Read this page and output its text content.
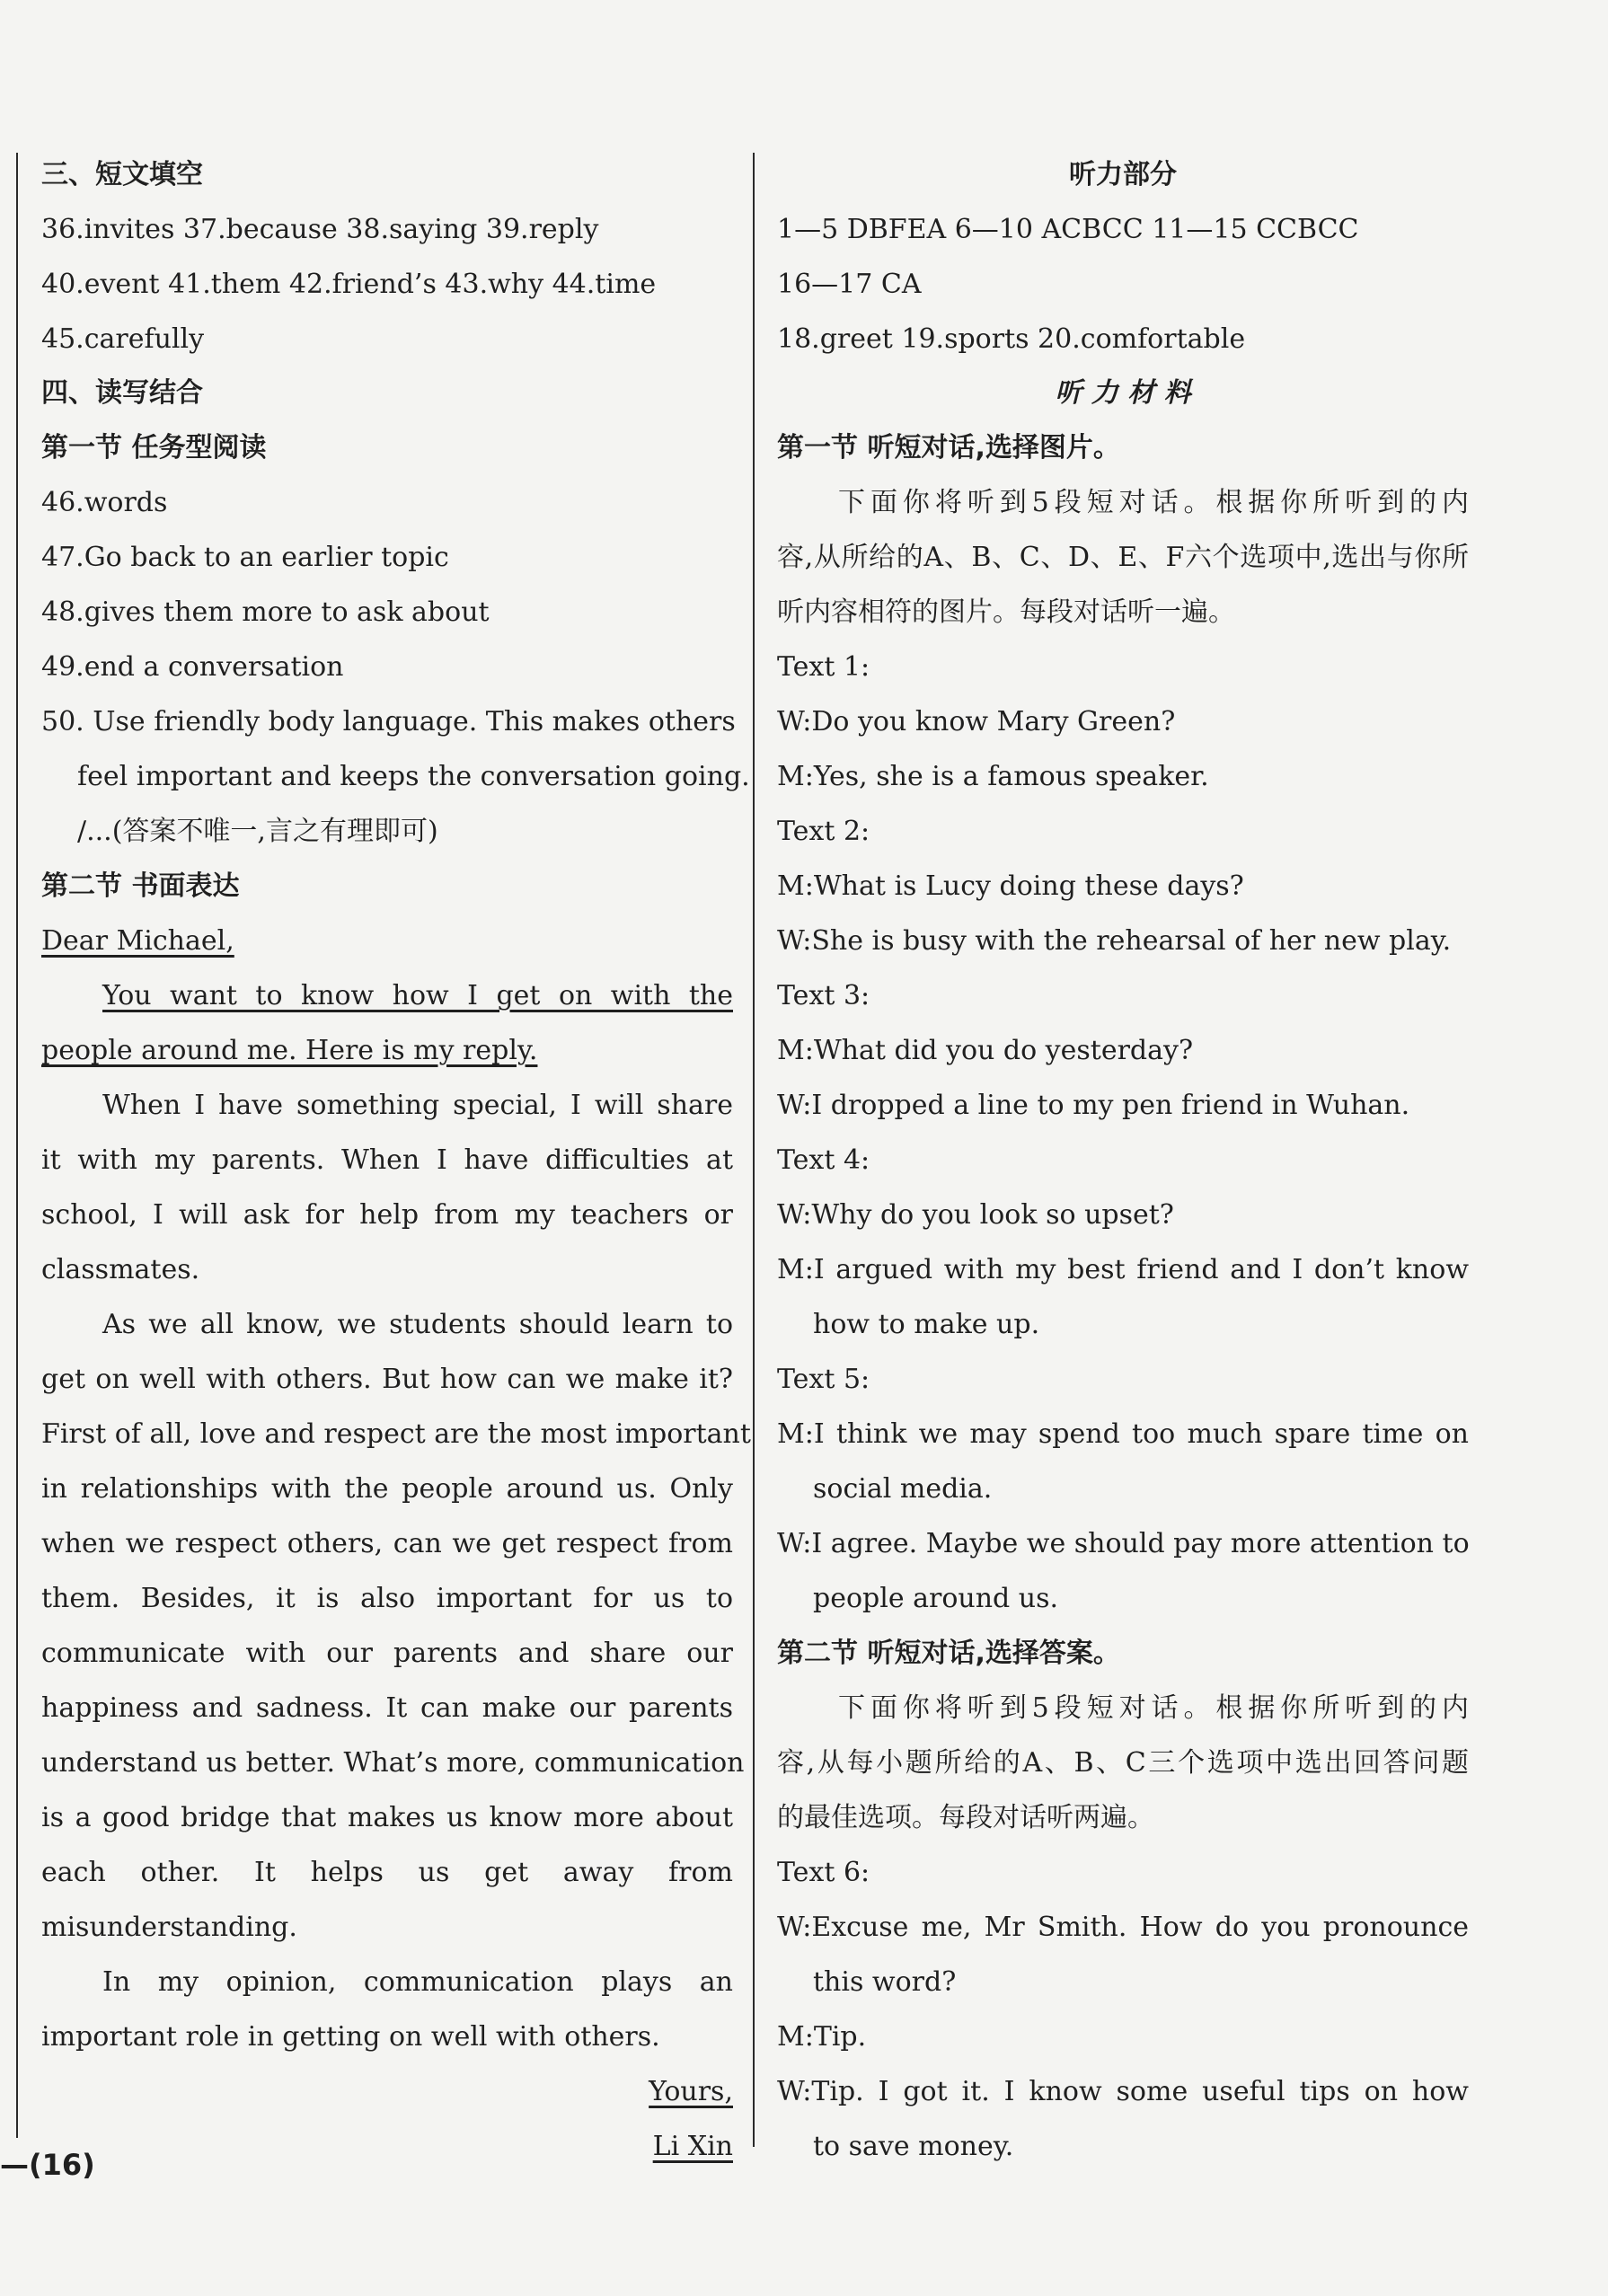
三、短文填空
36.invites 37.because 38.saying 39.reply
40.event 41.them 42.friend’s 43.why 44.time
45.carefully
四、读写结合
第一节 任务型阅读
46.words
47.Go back to an earlier topic
48.gives them more to ask about
49.end a conversation
50. Use friendly body language. This makes others
feel important and keeps the conversation going.
/...(答案不唯一,言之有理即可)
第二节 书面表达
Dear Michael,
You want to know how I get on with the
people around me. Here is my reply.
When I have something special, I will share
it with my parents. When I have difficulties at
school, I will ask for help from my teachers or
classmates.
As we all know, we students should learn to
get on well with others. But how can we make it?
First of all, love and respect are the most important
in relationships with the people around us. Only
when we respect others, can we get respect from
them. Besides, it is also important for us to
communicate with our parents and share our
happiness and sadness. It can make our parents
understand us better. What’s more, communication
is a good bridge that makes us know more about
each other. It helps us get away from
misunderstanding.
In my opinion, communication plays an
important role in getting on well with others.
Yours,
Li Xin
—(16)
听力部分
1—5 DBFEA 6—10 ACBCC 11—15 CCBCC
16—17 CA
18.greet 19.sports 20.comfortable
听 力 材 料
第一节 听短对话,选择图片。
下面你将听到5段短对话。根据你所听到的内
容,从所给的A、B、C、D、E、F六个选项中,选出与你所
听内容相符的图片。每段对话听一遍。
Text 1:
W:Do you know Mary Green?
M:Yes, she is a famous speaker.
Text 2:
M:What is Lucy doing these days?
W:She is busy with the rehearsal of her new play.
Text 3:
M:What did you do yesterday?
W:I dropped a line to my pen friend in Wuhan.
Text 4:
W:Why do you look so upset?
M:I argued with my best friend and I don’t know
how to make up.
Text 5:
M:I think we may spend too much spare time on
social media.
W:I agree. Maybe we should pay more attention to
people around us.
第二节 听短对话,选择答案。
下面你将听到5段短对话。根据你所听到的内
容,从每小题所给的A、B、C三个选项中选出回答问题
的最佳选项。每段对话听两遍。
Text 6:
W:Excuse me, Mr Smith. How do you pronounce
this word?
M:Tip.
W:Tip. I got it. I know some useful tips on how
to save money.
